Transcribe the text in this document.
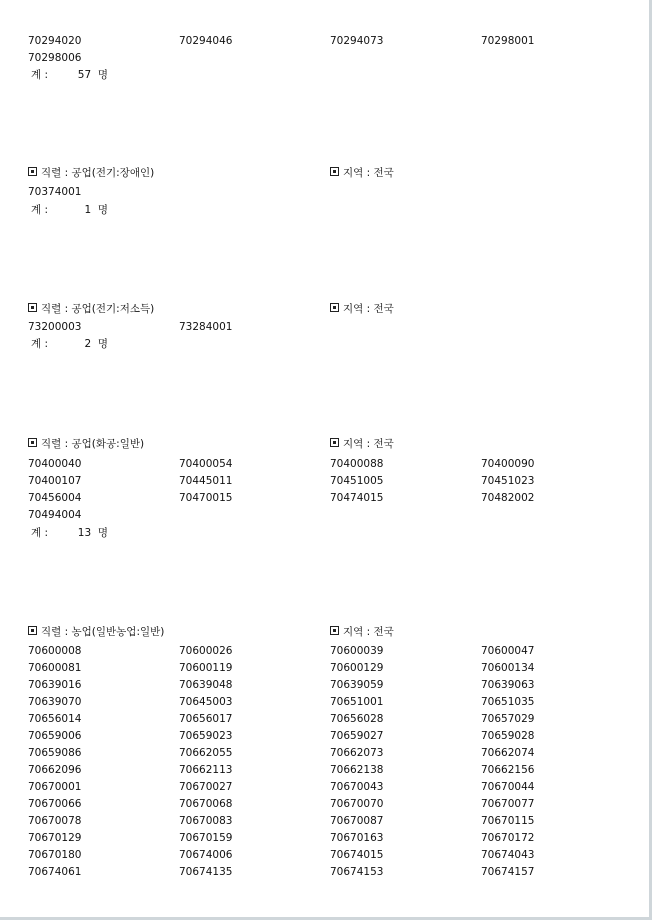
70294020	70294046	70294073	70298001
70298006
계 :	57 명
직렬 : 공업(전기:장애인)	지역 : 전국
70374001
계 :	1 명
직렬 : 공업(전기:저소득)	지역 : 전국
73200003	73284001
계 :	2 명
직렬 : 공업(화공:일반)	지역 : 전국
70400040	70400054	70400088	70400090
70400107	70445011	70451005	70451023
70456004	70470015	70474015	70482002
70494004
계 :	13 명
직렬 : 농업(일반농업:일반)	지역 : 전국
70600008	70600026	70600039	70600047
70600081	70600119	70600129	70600134
70639016	70639048	70639059	70639063
70639070	70645003	70651001	70651035
70656014	70656017	70656028	70657029
70659006	70659023	70659027	70659028
70659086	70662055	70662073	70662074
70662096	70662113	70662138	70662156
70670001	70670027	70670043	70670044
70670066	70670068	70670070	70670077
70670078	70670083	70670087	70670115
70670129	70670159	70670163	70670172
70670180	70674006	70674015	70674043
70674061	70674135	70674153	70674157
